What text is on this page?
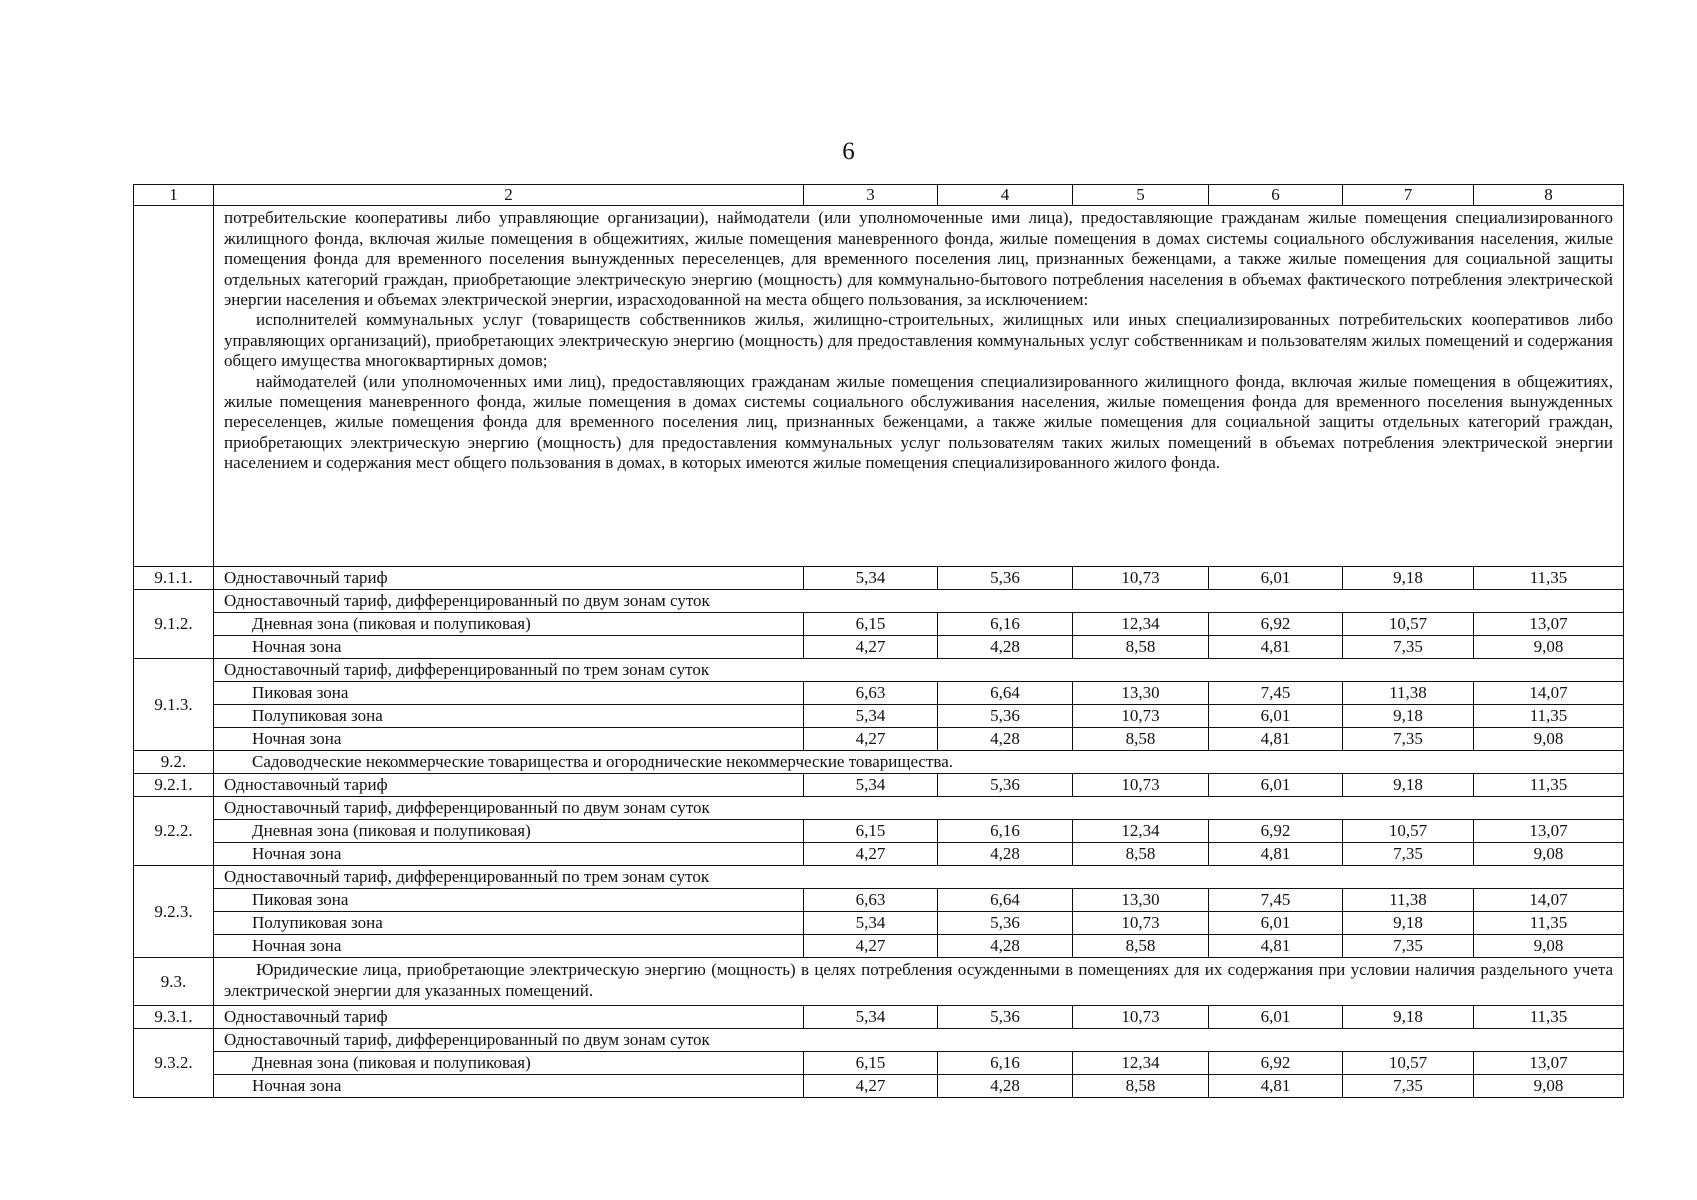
6
1	2	3	4	5	6	7	8

	потребительские кооперативы либо управляющие организации), наймодатели (или уполномоченные ими лица), предоставляющие гражданам жилые помещения специализированного жилищного фонда, включая жилые помещения в общежитиях, жилые помещения маневренного фонда, жилые помещения в домах системы социального обслуживания населения, жилые помещения фонда для временного поселения вынужденных переселенцев, для временного поселения лиц, признанных беженцами, а также жилые помещения для социальной защиты отдельных категорий граждан, приобретающие электрическую энергию (мощность) для коммунально-бытового потребления населения в объемах фактического потребления электрической энергии населения и объемах электрической энергии, израсходованной на места общего пользования, за исключением:

исполнителей коммунальных услуг (товариществ собственников жилья, жилищно-строительных, жилищных или иных специализированных потребительских кооперативов либо управляющих организаций), приобретающих электрическую энергию (мощность) для предоставления коммунальных услуг собственникам и пользователям жилых помещений и содержания общего имущества многоквартирных домов;

наймодателей (или уполномоченных ими лиц), предоставляющих гражданам жилые помещения специализированного жилищного фонда, включая жилые помещения в общежитиях, жилые помещения маневренного фонда, жилые помещения в домах системы социального обслуживания населения, жилые помещения фонда для временного поселения вынужденных переселенцев, жилые помещения фонда для временного поселения лиц, признанных беженцами, а также жилые помещения для социальной защиты отдельных категорий граждан, приобретающих электрическую энергию (мощность) для предоставления коммунальных услуг пользователям таких жилых помещений в объемах потребления электрической энергии населением и содержания мест общего пользования в домах, в которых имеются жилые помещения специализированного жилого фонда.						

9.1.1.	Одноставочный тариф	5,34	5,36	10,73	6,01	9,18	11,35
9.1.2.	Одноставочный тариф, дифференцированный по двум зонам суток						
	Дневная зона (пиковая и полупиковая)	6,15	6,16	12,34	6,92	10,57	13,07
	Ночная зона	4,27	4,28	8,58	4,81	7,35	9,08
9.1.3.	Одноставочный тариф, дифференцированный по трем зонам суток						
	Пиковая зона	6,63	6,64	13,30	7,45	11,38	14,07
	Полупиковая зона	5,34	5,36	10,73	6,01	9,18	11,35
	Ночная зона	4,27	4,28	8,58	4,81	7,35	9,08
9.2.	Садоводческие некоммерческие товарищества и огороднические некоммерческие товарищества.						
9.2.1.	Одноставочный тариф	5,34	5,36	10,73	6,01	9,18	11,35
9.2.2.	Одноставочный тариф, дифференцированный по двум зонам суток						
	Дневная зона (пиковая и полупиковая)	6,15	6,16	12,34	6,92	10,57	13,07
	Ночная зона	4,27	4,28	8,58	4,81	7,35	9,08
9.2.3.	Одноставочный тариф, дифференцированный по трем зонам суток						
	Пиковая зона	6,63	6,64	13,30	7,45	11,38	14,07
	Полупиковая зона	5,34	5,36	10,73	6,01	9,18	11,35
	Ночная зона	4,27	4,28	8,58	4,81	7,35	9,08
9.3.	Юридические лица, приобретающие электрическую энергию (мощность) в целях потребления осужденными в помещениях для их содержания при условии наличия раздельного учета электрической энергии для указанных помещений.						

9.3.1.	Одноставочный тариф	5,34	5,36	10,73	6,01	9,18	11,35
9.3.2.	Одноставочный тариф, дифференцированный по двум зонам суток						
	Дневная зона (пиковая и полупиковая)	6,15	6,16	12,34	6,92	10,57	13,07
	Ночная зона	4,27	4,28	8,58	4,81	7,35	9,08
